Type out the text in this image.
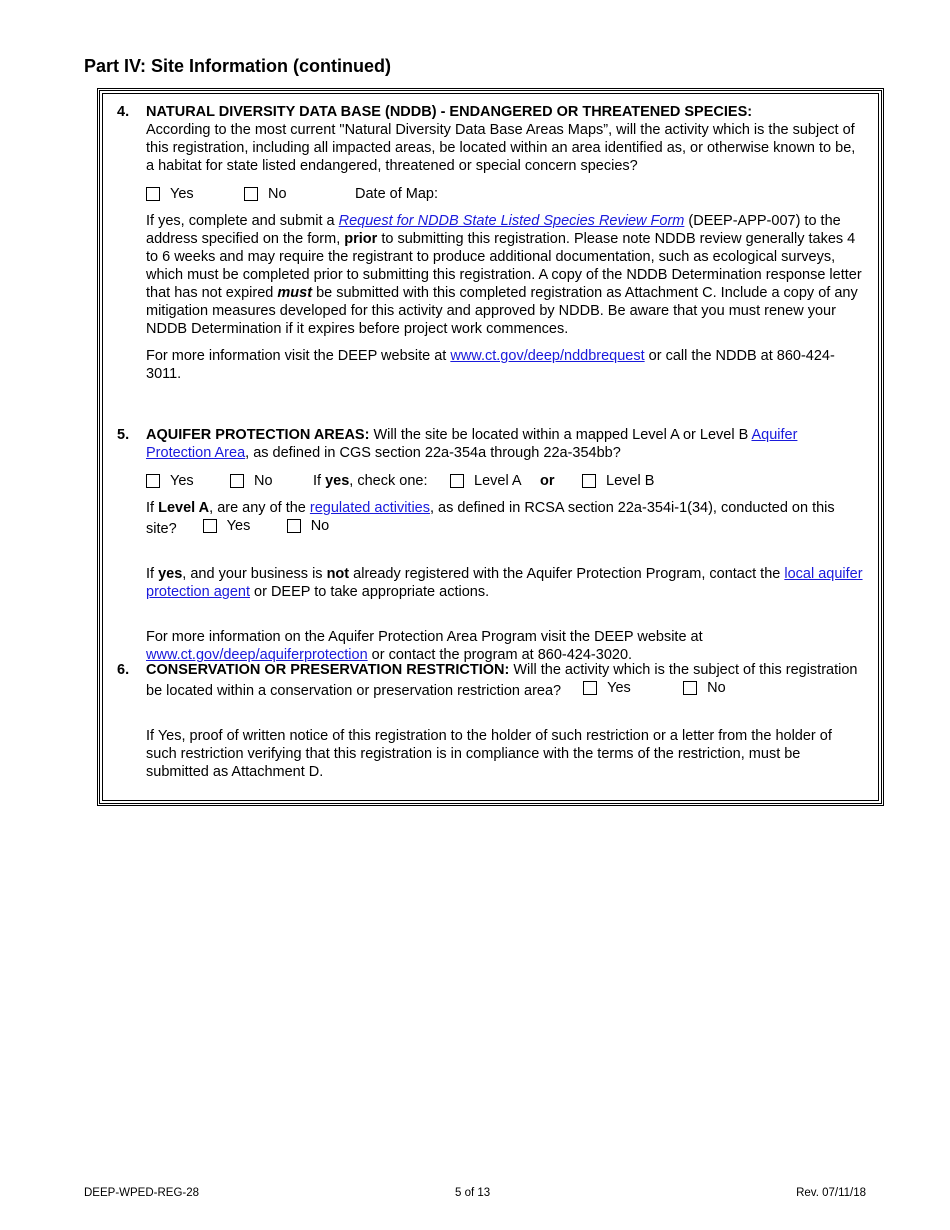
Part IV: Site Information (continued)
4.	NATURAL DIVERSITY DATA BASE (NDDB) - ENDANGERED OR THREATENED SPECIES:
According to the most current "Natural Diversity Data Base Areas Maps”, will the activity which is the subject of this registration, including all impacted areas, be located within an area identified as, or otherwise known to be, a habitat for state listed endangered, threatened or special concern species?

Yes	No	Date of Map:

If yes, complete and submit a Request for NDDB State Listed Species Review Form (DEEP-APP-007) to the address specified on the form, prior to submitting this registration. Please note NDDB review generally takes 4 to 6 weeks and may require the registrant to produce additional documentation, such as ecological surveys, which must be completed prior to submitting this registration. A copy of the NDDB Determination response letter that has not expired must be submitted with this completed registration as Attachment C. Include a copy of any mitigation measures developed for this activity and approved by NDDB. Be aware that you must renew your NDDB Determination if it expires before project work commences.

For more information visit the DEEP website at www.ct.gov/deep/nddbrequest or call the NDDB at 860-424-3011.

5.	AQUIFER PROTECTION AREAS: Will the site be located within a mapped Level A or Level B Aquifer Protection Area, as defined in CGS section 22a-354a through 22a-354bb?

Yes	No	If yes, check one:	Level A or	Level B

If Level A, are any of the regulated activities, as defined in RCSA section 22a-354i-1(34), conducted on this site?	Yes
	No

If yes, and your business is not already registered with the Aquifer Protection Program, contact the local aquifer protection agent or DEEP to take appropriate actions.

For more information on the Aquifer Protection Area Program visit the DEEP website at www.ct.gov/deep/aquiferprotection or contact the program at 860-424-3020.

6.	CONSERVATION OR PRESERVATION RESTRICTION: Will the activity which is the subject of this registration be located within a conservation or preservation restriction area?	Yes
	No

If Yes, proof of written notice of this registration to the holder of such restriction or a letter from the holder of such restriction verifying that this registration is in compliance with the terms of the restriction, must be submitted as Attachment D.

DEEP-WPED-REG-28	5 of 13	Rev. 07/11/18
